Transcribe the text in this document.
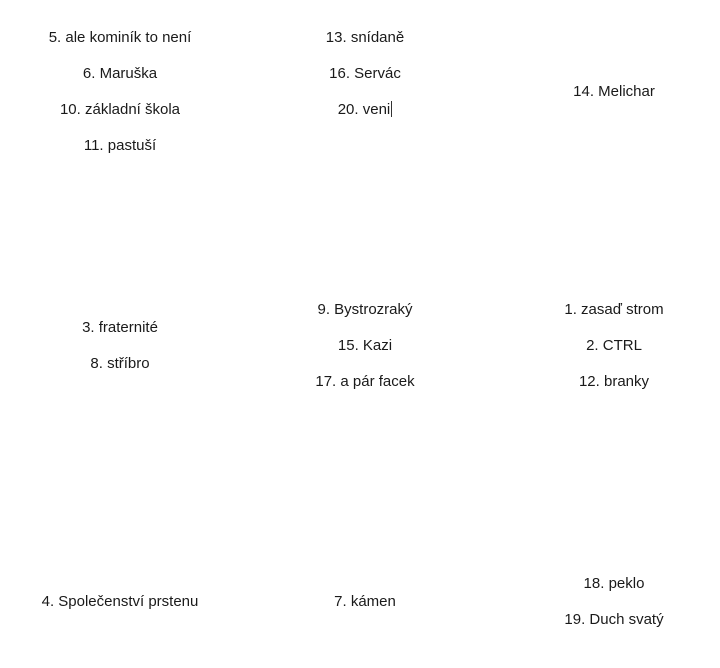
5. ale kominík to není
6. Maruška
10. základní škola
11. pastuší
13. snídaně
16. Servác
20. veni
14. Melichar
3. fraternité
8. stříbro
9. Bystrozraký
15. Kazi
17. a pár facek
1. zasaď strom
2. CTRL
12. branky
4. Společenství prstenu	7. kámen
18. peklo
19. Duch svatý
